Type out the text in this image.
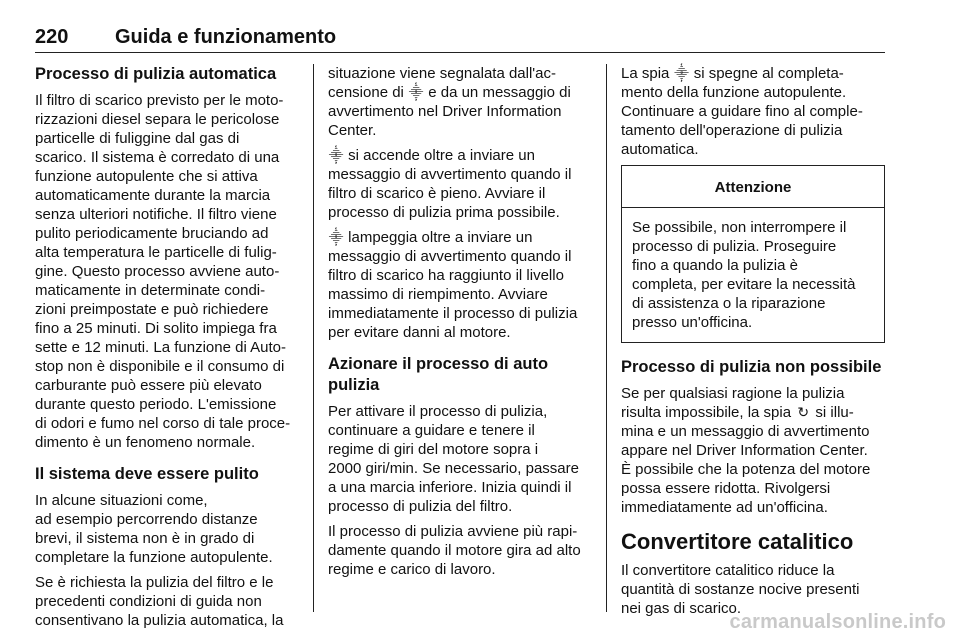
220 Guida e funzionamento
Processo di pulizia automatica

Il filtro di scarico previsto per le moto-
rizzazioni diesel separa le pericolose
particelle di fuliggine dal gas di
scarico. Il sistema è corredato di una
funzione autopulente che si attiva
automaticamente durante la marcia
senza ulteriori notifiche. Il filtro viene
pulito periodicamente bruciando ad
alta temperatura le particelle di fulig-
gine. Questo processo avviene auto-
maticamente in determinate condi-
zioni preimpostate e può richiedere
fino a 25 minuti. Di solito impiega fra
sette e 12 minuti. La funzione di Auto-
stop non è disponibile e il consumo di
carburante può essere più elevato
durante questo periodo. L'emissione
di odori e fumo nel corso di tale proce-
dimento è un fenomeno normale.

Il sistema deve essere pulito

In alcune situazioni come,
ad esempio percorrendo distanze
brevi, il sistema non è in grado di
completare la funzione autopulente.

Se è richiesta la pulizia del filtro e le
precedenti condizioni di guida non
consentivano la pulizia automatica, la

situazione viene segnalata dall'ac-
censione di ⸎ e da un messaggio di
avvertimento nel Driver Information
Center.

⸎ si accende oltre a inviare un
messaggio di avvertimento quando il
filtro di scarico è pieno. Avviare il
processo di pulizia prima possibile.

⸎ lampeggia oltre a inviare un
messaggio di avvertimento quando il
filtro di scarico ha raggiunto il livello
massimo di riempimento. Avviare
immediatamente il processo di pulizia
per evitare danni al motore.

Azionare il processo di auto
pulizia

Per attivare il processo di pulizia,
continuare a guidare e tenere il
regime di giri del motore sopra i
2000 giri/min. Se necessario, passare
a una marcia inferiore. Inizia quindi il
processo di pulizia del filtro.

Il processo di pulizia avviene più rapi-
damente quando il motore gira ad alto
regime e carico di lavoro.

La spia ⸎ si spegne al completa-
mento della funzione autopulente.
Continuare a guidare fino al comple-
tamento dell'operazione di pulizia
automatica.

Attenzione
Se possibile, non interrompere il
processo di pulizia. Proseguire
fino a quando la pulizia è
completa, per evitare la necessità
di assistenza o la riparazione
presso un'officina.
Processo di pulizia non possibile

Se per qualsiasi ragione la pulizia
risulta impossibile, la spia ↻ si illu-
mina e un messaggio di avvertimento
appare nel Driver Information Center.
È possibile che la potenza del motore
possa essere ridotta. Rivolgersi
immediatamente ad un'officina.

Convertitore catalitico

Il convertitore catalitico riduce la
quantità di sostanze nocive presenti
nei gas di scarico.

carmanualsonline.info
